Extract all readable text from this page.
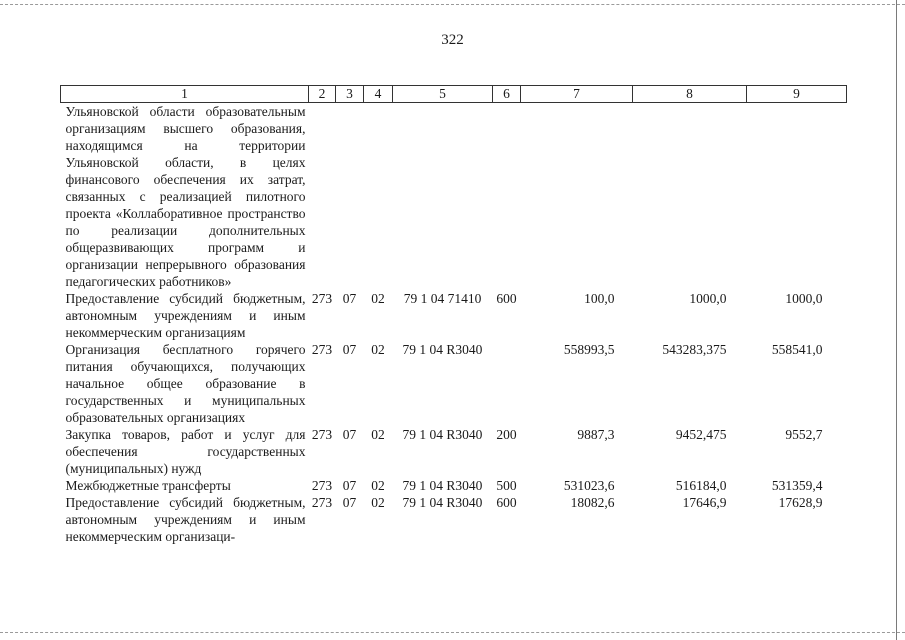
322
1	2	3	4	5	6	7	8	9
Ульяновской области образовательным организациям высшего образования, находящимся на территории Ульяновской области, в целях финансового обеспечения их затрат, связанных с реализацией пилотного проекта «Коллаборативное пространство по реализации дополнительных общеразвивающих программ и организации непрерывного образования педагогических работников»								
Предоставление субсидий бюджетным, автономным учреждениям и иным некоммерческим организациям	273	07	02	79 1 04 71410	600	100,0	1000,0	1000,0
Организация бесплатного горячего питания обучающихся, получающих начальное общее образование в государственных и муниципальных образовательных организациях	273	07	02	79 1 04 R3040		558993,5	543283,375	558541,0
Закупка товаров, работ и услуг для обеспечения государственных (муниципальных) нужд	273	07	02	79 1 04 R3040	200	9887,3	9452,475	9552,7
Межбюджетные трансферты	273	07	02	79 1 04 R3040	500	531023,6	516184,0	531359,4
Предоставление субсидий бюджетным, автономным учреждениям и иным некоммерческим организаци-	273	07	02	79 1 04 R3040	600	18082,6	17646,9	17628,9
